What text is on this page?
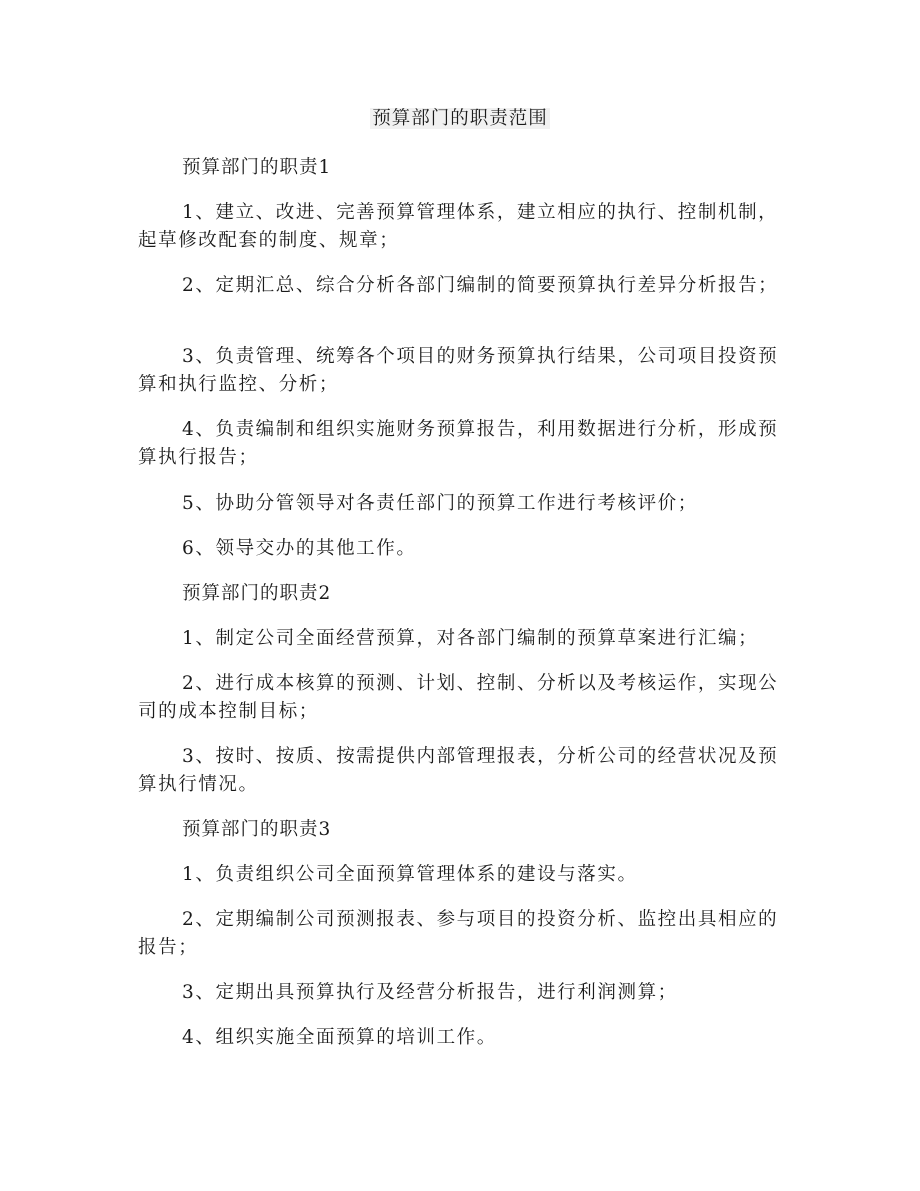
预算部门的职责范围
预算部门的职责1
1、建立、改进、完善预算管理体系，建立相应的执行、控制机制，起草修改配套的制度、规章；
2、定期汇总、综合分析各部门编制的简要预算执行差异分析报告；
3、负责管理、统筹各个项目的财务预算执行结果，公司项目投资预算和执行监控、分析；
4、负责编制和组织实施财务预算报告，利用数据进行分析，形成预算执行报告；
5、协助分管领导对各责任部门的预算工作进行考核评价；
6、领导交办的其他工作。
预算部门的职责2
1、制定公司全面经营预算，对各部门编制的预算草案进行汇编；
2、进行成本核算的预测、计划、控制、分析以及考核运作，实现公司的成本控制目标；
3、按时、按质、按需提供内部管理报表，分析公司的经营状况及预算执行情况。
预算部门的职责3
1、负责组织公司全面预算管理体系的建设与落实。
2、定期编制公司预测报表、参与项目的投资分析、监控出具相应的报告；
3、定期出具预算执行及经营分析报告，进行利润测算；
4、组织实施全面预算的培训工作。
